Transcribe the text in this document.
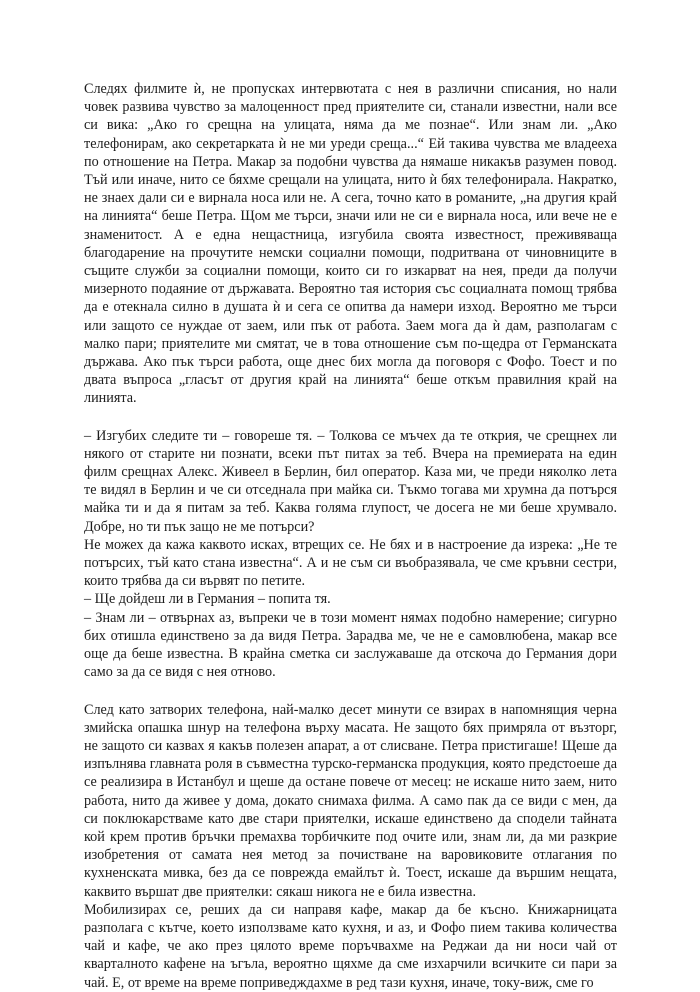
Следях филмите ѝ, не пропусках интервютата с нея в различни списания, но нали човек развива чувство за малоценност пред приятелите си, станали известни, нали все си вика: „Ако го срещна на улицата, няма да ме познае“. Или знам ли. „Ако телефонирам, ако секретарката ѝ не ми уреди среща...“ Ей такива чувства ме владееха по отношение на Петра. Макар за подобни чувства да нямаше никакъв разумен повод. Тъй или иначе, нито се бяхме срещали на улицата, нито ѝ бях телефонирала. Накратко, не знаех дали си е вирнала носа или не. А сега, точно като в романите, „на другия край на линията“ беше Петра. Щом ме търси, значи или не си е вирнала носа, или вече не е знаменитост. А е една нещастница, изгубила своята известност, преживяваща благодарение на прочутите немски социални помощи, подритвана от чиновниците в същите служби за социални помощи, които си го изкарват на нея, преди да получи мизерното подаяние от държавата. Вероятно тая история със социалната помощ трябва да е отекнала силно в душата ѝ и сега се опитва да намери изход. Вероятно ме търси или защото се нуждае от заем, или пък от работа. Заем мога да ѝ дам, разполагам с малко пари; приятелите ми смятат, че в това отношение съм по-щедра от Германската държава. Ако пък търси работа, още днес бих могла да поговоря с Фофо. Тоест и по двата въпроса „гласът от другия край на линията“ беше откъм правилния край на линията.

– Изгубих следите ти – говореше тя. – Толкова се мъчех да те открия, че срещнех ли някого от старите ни познати, всеки път питах за теб. Вчера на премиерата на един филм срещнах Алекс. Живеел в Берлин, бил оператор. Каза ми, че преди няколко лета те видял в Берлин и че си отседнала при майка си. Тъкмо тогава ми хрумна да потърся майка ти и да я питам за теб. Каква голяма глупост, че досега не ми беше хрумвало. Добре, но ти пък защо не ме потърси?

Не можех да кажа каквото исках, втрещих се. Не бях и в настроение да изрека: „Не те потърсих, тъй като стана известна“. А и не съм си въобразявала, че сме кръвни сестри, които трябва да си вървят по петите.

– Ще дойдеш ли в Германия – попита тя.

– Знам ли – отвърнах аз, въпреки че в този момент нямах подобно намерение; сигурно бих отишла единствено за да видя Петра. Зарадва ме, че не е самовлюбена, макар все още да беше известна. В крайна сметка си заслужаваше да отскоча до Германия дори само за да се видя с нея отново.

След като затворих телефона, най-малко десет минути се взирах в напомнящия черна змийска опашка шнур на телефона върху масата. Не защото бях примряла от възторг, не защото си казвах я какъв полезен апарат, а от слисване. Петра пристигаше! Щеше да изпълнява главната роля в съвместна турско-германска продукция, която предстоеше да се реализира в Истанбул и щеше да остане повече от месец: не искаше нито заем, нито работа, нито да живее у дома, докато снимаха филма. А само пак да се види с мен, да си поклюкарстваме като две стари приятелки, искаше единствено да сподели тайната кой крем против бръчки премахва торбичките под очите или, знам ли, да ми разкрие изобретения от самата нея метод за почистване на варовиковите отлагания по кухненската мивка, без да се поврежда емайлът ѝ. Тоест, искаше да вършим нещата, каквито вършат две приятелки: сякаш никога не е била известна.

Мобилизирах се, реших да си направя кафе, макар да бе късно. Книжарницата разполага с кътче, което използваме като кухня, и аз, и Фофо пием такива количества чай и кафе, че ако през цялото време поръчвахме на Реджаи да ни носи чай от кварталното кафене на ъгъла, вероятно щяхме да сме изхарчили всичките си пари за чай. Е, от време на време поприведждахме в ред тази кухня, иначе, току-виж, сме го
